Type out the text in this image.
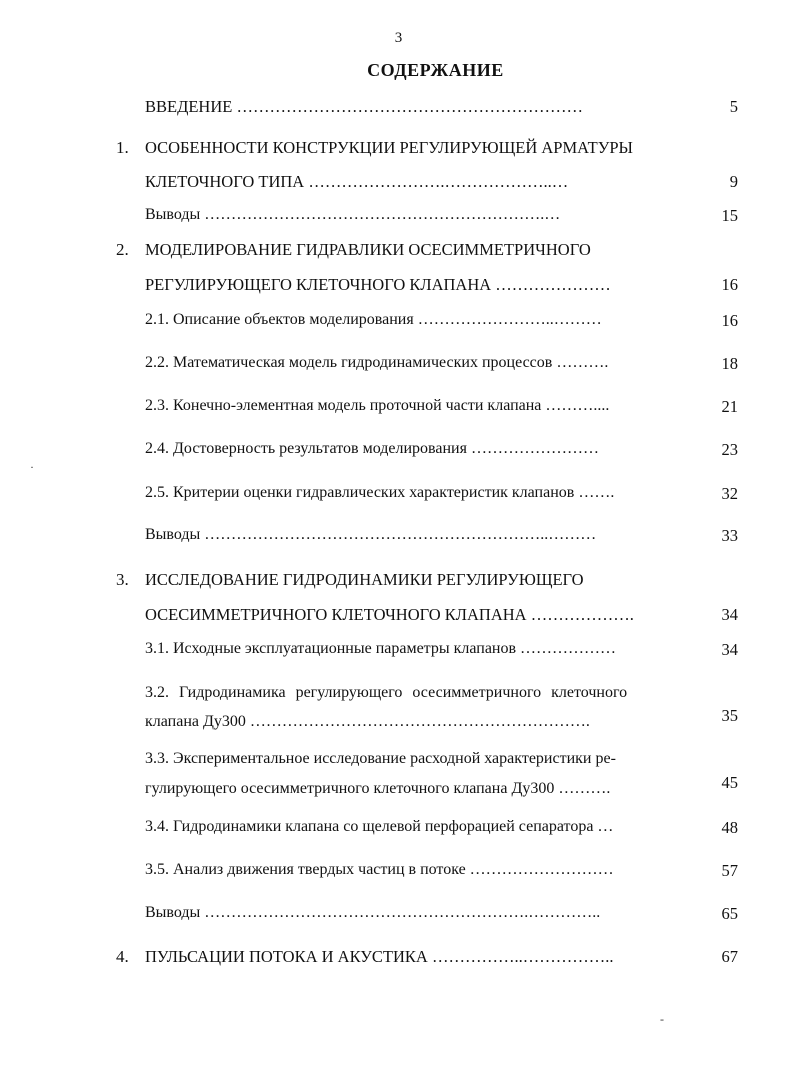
3
СОДЕРЖАНИЕ
ВВЕДЕНИЕ ………………………………………………………	5
1. ОСОБЕННОСТИ КОНСТРУКЦИИ РЕГУЛИРУЮЩЕЙ АРМАТУРЫ
КЛЕТОЧНОГО ТИПА …………………….………………..…	9
Выводы ……………………………………………………….…	15
2. МОДЕЛИРОВАНИЕ ГИДРАВЛИКИ ОСЕСИММЕТРИЧНОГО
РЕГУЛИРУЮЩЕГО КЛЕТОЧНОГО КЛАПАНА …………………	16
2.1. Описание объектов моделирования ……………………..………	16
2.2. Математическая модель гидродинамических процессов ……….	18
2.3. Конечно-элементная модель проточной части клапана ………....	21
2.4. Достоверность результатов моделирования ……………………	23
2.5. Критерии оценки гидравлических характеристик клапанов …….	32
Выводы ………………………………………………………..………	33
3. ИССЛЕДОВАНИЕ ГИДРОДИНАМИКИ РЕГУЛИРУЮЩЕГО
ОСЕСИММЕТРИЧНОГО КЛЕТОЧНОГО КЛАПАНА ……………….	34
3.1. Исходные эксплуатационные параметры клапанов ………………	34
3.2. Гидродинамика регулирующего осесимметричного клеточного
клапана Ду300 ……………………………………………………….	35
3.3. Экспериментальное исследование расходной характеристики ре-
гулирующего осесимметричного клеточного клапана Ду300 ……….	45
3.4. Гидродинамики клапана со щелевой перфорацией сепаратора …	48
3.5. Анализ движения твердых частиц в потоке ………………………	57
Выводы …………………………………………………….…………..	65
4. ПУЛЬСАЦИИ ПОТОКА И АКУСТИКА ……………..……………..	67
·
-
